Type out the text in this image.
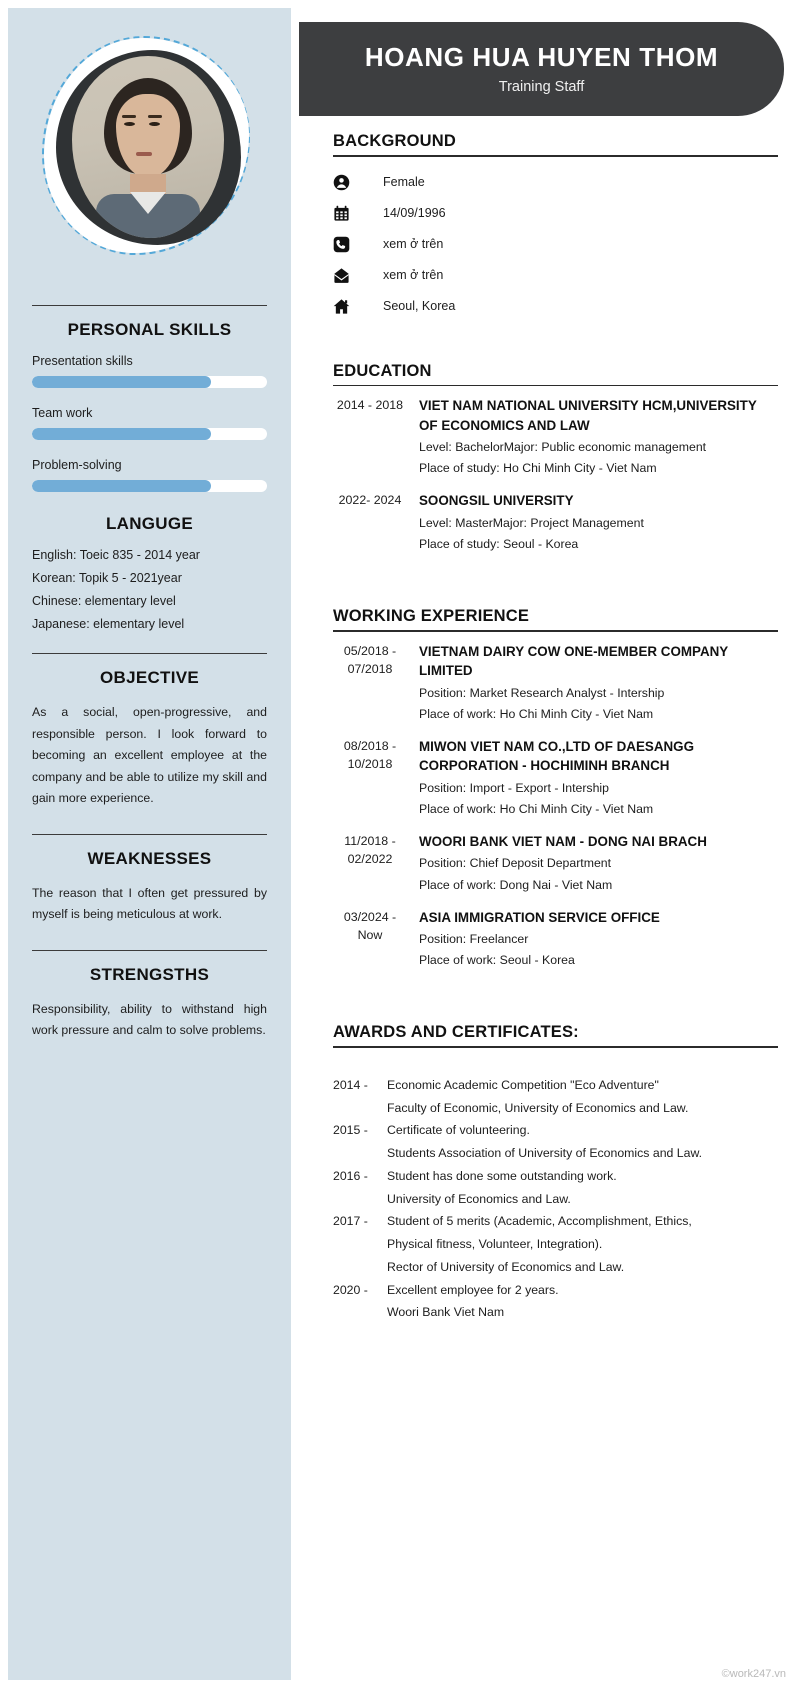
PERSONAL SKILLS
Presentation skills
Team work
Problem-solving
LANGUGE
English: Toeic 835 - 2014 year
Korean: Topik 5 - 2021year
Chinese: elementary level
Japanese: elementary level
OBJECTIVE
As a social, open-progressive, and responsible person. I look forward to becoming an excellent employee at the company and be able to utilize my skill and gain more experience.
WEAKNESSES
The reason that I often get pressured by myself is being meticulous at work.
STRENGSTHS
Responsibility, ability to withstand high work pressure and calm to solve problems.
HOANG HUA HUYEN THOM
Training Staff
BACKGROUND
Female
14/09/1996
xem ở trên
xem ở trên
Seoul, Korea
EDUCATION
2014 - 2018 VIET NAM NATIONAL UNIVERSITY HCM,UNIVERSITY OF ECONOMICS AND LAW
Level: BachelorMajor: Public economic management
Place of study: Ho Chi Minh City - Viet Nam
2022- 2024	SOONGSIL UNIVERSITY
Level: MasterMajor: Project Management
Place of study: Seoul - Korea
WORKING EXPERIENCE
05/2018 - 07/2018
VIETNAM DAIRY COW ONE-MEMBER COMPANY LIMITED
Position: Market Research Analyst - Intership
Place of work: Ho Chi Minh City - Viet Nam
08/2018 - 10/2018
MIWON VIET NAM CO.,LTD OF DAESANGG CORPORATION - HOCHIMINH BRANCH
Position: Import - Export - Intership
Place of work: Ho Chi Minh City - Viet Nam
11/2018 - 02/2022
WOORI BANK VIET NAM - DONG NAI BRACH
Position: Chief Deposit Department
Place of work: Dong Nai - Viet Nam
03/2024 -Now
ASIA IMMIGRATION SERVICE OFFICE
Position: Freelancer
Place of work: Seoul - Korea
AWARDS AND CERTIFICATES:
2014 -	Economic Academic Competition "Eco Adventure"
Faculty of Economic, University of Economics and Law.
2015 -	Certificate of volunteering.
Students Association of University of Economics and Law.
2016 -	Student has done some outstanding work.
University of Economics and Law.
2017 -	Student of 5 merits (Academic, Accomplishment, Ethics,
Physical fitness, Volunteer, Integration).
Rector of University of Economics and Law.
2020 -	Excellent employee for 2 years.
Woori Bank Viet Nam
©work247.vn
